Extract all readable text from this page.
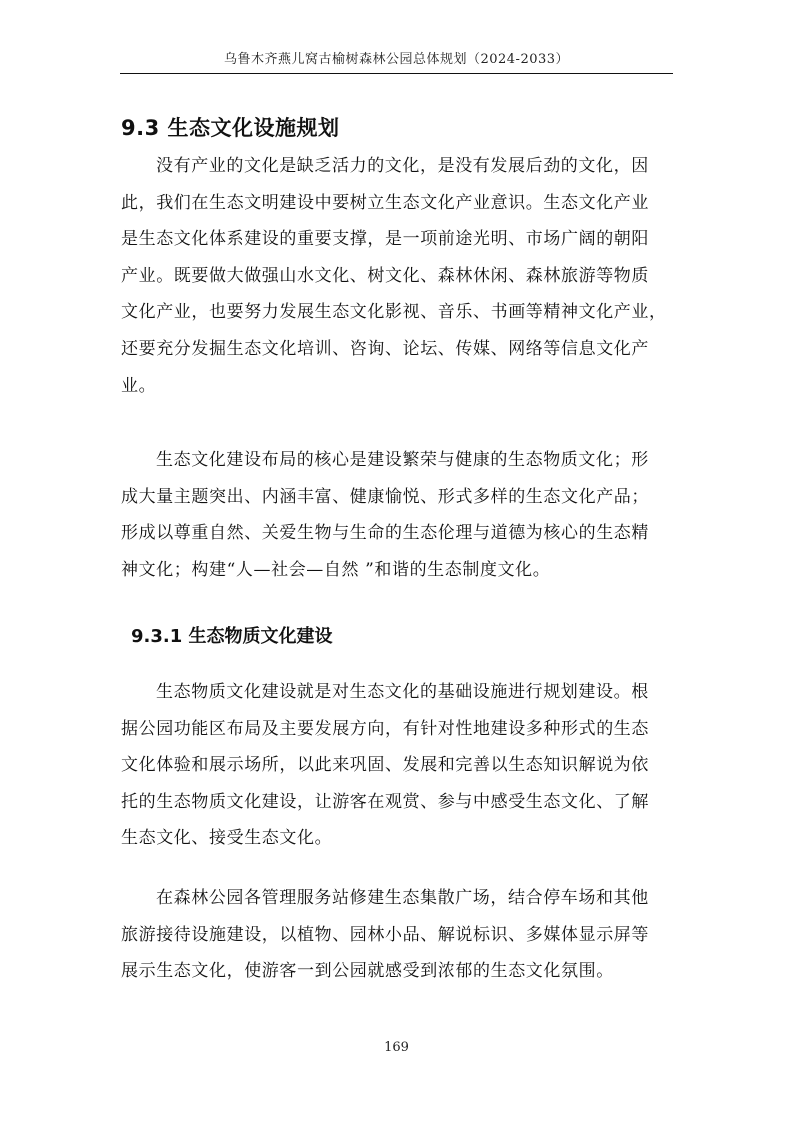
乌鲁木齐燕儿窝古榆树森林公园总体规划（2024-2033）
9.3 生态文化设施规划
没有产业的文化是缺乏活力的文化，是没有发展后劲的文化，因
此，我们在生态文明建设中要树立生态文化产业意识。生态文化产业
是生态文化体系建设的重要支撑，是一项前途光明、市场广阔的朝阳
产业。既要做大做强山水文化、树文化、森林休闲、森林旅游等物质
文化产业，也要努力发展生态文化影视、音乐、书画等精神文化产业，
还要充分发掘生态文化培训、咨询、论坛、传媒、网络等信息文化产
业。
生态文化建设布局的核心是建设繁荣与健康的生态物质文化；形
成大量主题突出、内涵丰富、健康愉悦、形式多样的生态文化产品；
形成以尊重自然、关爱生物与生命的生态伦理与道德为核心的生态精
神文化；构建“人—社会—自然 ”和谐的生态制度文化。
9.3.1 生态物质文化建设
生态物质文化建设就是对生态文化的基础设施进行规划建设。根
据公园功能区布局及主要发展方向，有针对性地建设多种形式的生态
文化体验和展示场所，以此来巩固、发展和完善以生态知识解说为依
托的生态物质文化建设，让游客在观赏、参与中感受生态文化、了解
生态文化、接受生态文化。
在森林公园各管理服务站修建生态集散广场，结合停车场和其他
旅游接待设施建设，以植物、园林小品、解说标识、多媒体显示屏等
展示生态文化，使游客一到公园就感受到浓郁的生态文化氛围。
169
